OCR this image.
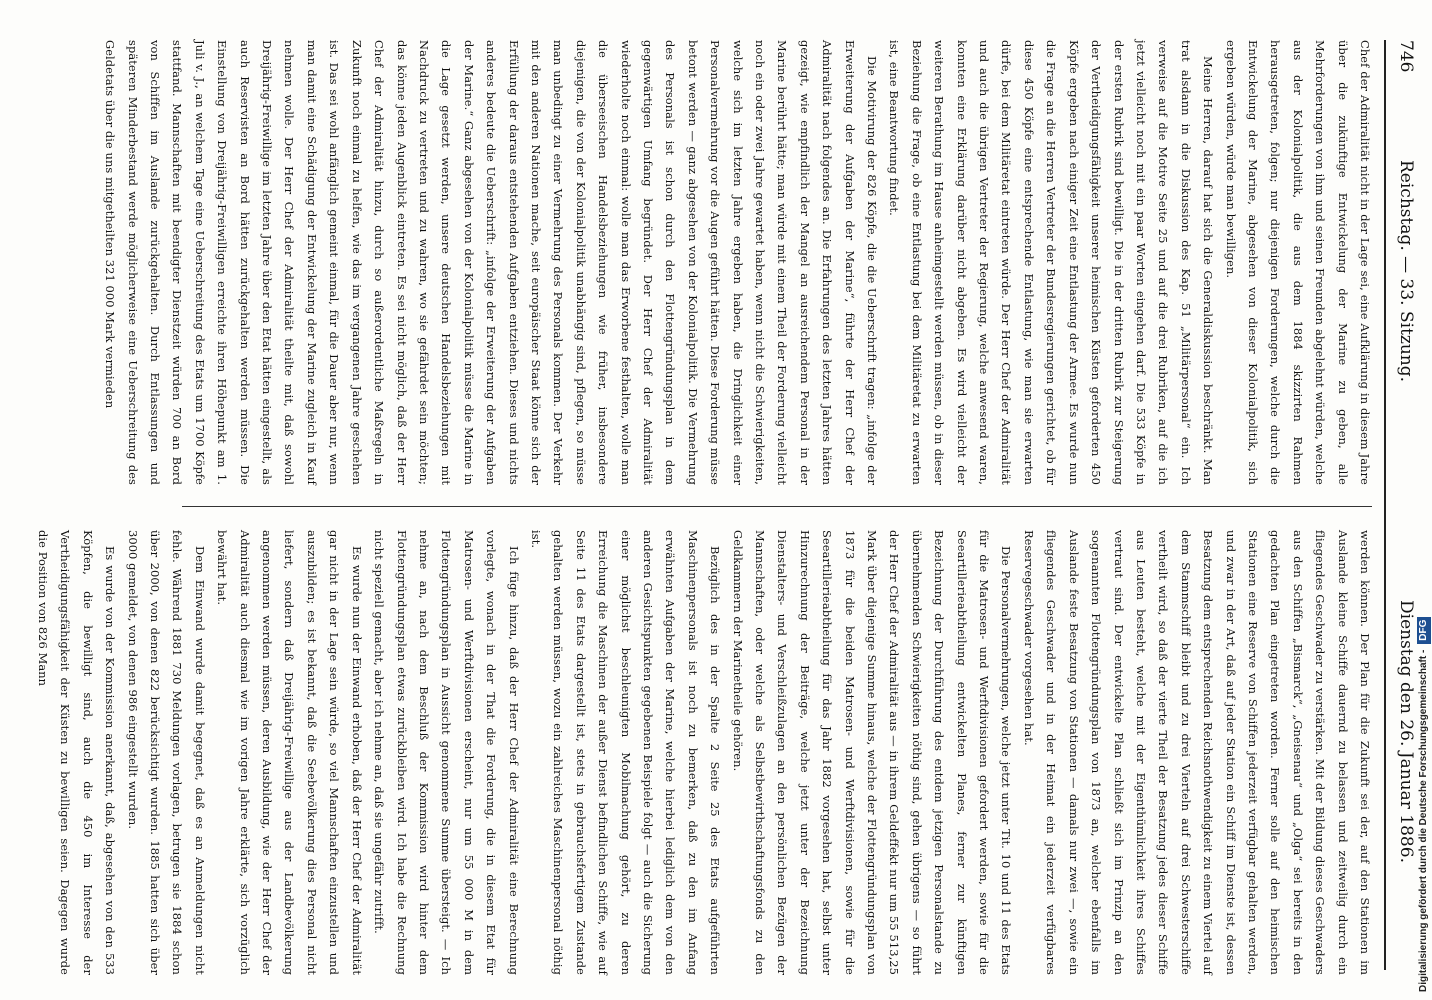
746
Reichstag. — 33. Sitzung.
Dienstag den 26. Januar 1886.

Chef der Admiralität nicht in der Lage sei, eine Aufklärung in diesem Jahre über die zukünftige Entwickelung der Marine zu geben, alle Mehrforderungen von ihm und seinen Freunden abgelehnt würden, welche aus der Kolonialpolitik, die aus dem 1884 skizzirten Rahmen herausgetreten, folgen; nur diejenigen Forderungen, welche durch die Entwickelung der Marine, abgesehen von dieser Kolonialpolitik, sich ergeben würden, würde man bewilligen.

Meine Herren, darauf hat sich die Generaldiskussion beschränkt. Man trat alsdann in die Diskussion des Kap. 51 „Militärpersonal“ ein. Ich verweise auf die Motive Seite 25 und auf die drei Rubriken, auf die ich jetzt vielleicht noch mit ein paar Worten eingehen darf. Die 533 Köpfe in der ersten Rubrik sind bewilligt. Die in der dritten Rubrik zur Steigerung der Vertheidigungsfähigkeit unserer heimischen Küsten geforderten 450 Köpfe ergeben nach einiger Zeit eine Entlastung der Armee. Es wurde nun die Frage an die Herren Vertreter der Bundesregierungen gerichtet, ob für diese 450 Köpfe eine entsprechende Entlastung, wie man sie erwarten dürfe, bei dem Militäretat eintreten würde. Der Herr Chef der Admiralität und auch die übrigen Vertreter der Regierung, welche anwesend waren, konnten eine Erklärung darüber nicht abgeben. Es wird vielleicht der weiteren Berathung im Hause anheimgestellt werden müssen, ob in dieser Beziehung die Frage, ob eine Entlastung bei dem Militäretat zu erwarten ist, eine Beantwortung findet.

Die Motivirung der 826 Köpfe, die die Ueberschrift tragen: „infolge der Erweiterung der Aufgaben der Marine“, führte der Herr Chef der Admiralität nach folgendes an. Die Erfahrungen des letzten Jahres hätten gezeigt, wie empfindlich der Mangel an ausreichendem Personal in der Marine berührt hätte; man würde mit einem Theil der Forderung vielleicht noch ein oder zwei Jahre gewartet haben, wenn nicht die Schwierigkeiten, welche sich im letzten Jahre ergeben haben, die Dringlichkeit einer Personalvermehrung vor die Augen geführt hätten. Diese Forderung müsse betont werden — ganz abgesehen von der Kolonialpolitik. Die Vermehrung des Personals ist schon durch den Flottengründungsplan in dem gegenwärtigen Umfang begründet. Der Herr Chef der Admiralität wiederholte noch einmal: wolle man das Erworbene festhalten, wolle man die überseeischen Handelsbeziehungen wie früher, insbesondere diejenigen, die von der Kolonialpolitik unabhängig sind, pflegen, so müsse man unbedingt zu einer Vermehrung des Personals kommen. Der Verkehr mit den anderen Nationen mache, seit europäischer Staat könne sich der Erfüllung der daraus entstehenden Aufgaben entziehen. Dieses und nichts anderes bedeute die Ueberschrift: „infolge der Erweiterung der Aufgaben der Marine.“ Ganz abgesehen von der Kolonialpolitik müsse die Marine in die Lage gesetzt werden, unsere deutschen Handelsbeziehungen mit Nachdruck zu vertreten und zu wahren, wo sie gefährdet sein möchten; das könne jeden Augenblick eintreten. Es sei nicht möglich, daß der Herr Chef der Admiralität hinzu, durch so außerordentliche Maßregeln in Zukunft noch einmal zu helfen, wie das im vergangenen Jahre geschehen ist. Das sei wohl anfänglich gemeint einmal, für die Dauer aber nur, wenn man damit eine Schädigung der Entwickelung der Marine zugleich in Kauf nehmen wolle. Der Herr Chef der Admiralität theilte mit, daß sowohl Dreijährig-Freiwillige im letzten Jahre über den Etat hätten eingestellt, als auch Reservisten an Bord hätten zurückgehalten werden müssen. Die Einstellung von Dreijährig-Freiwilligen erreichte ihren Höhepunkt am 1. Juli v. J., an welchem Tage eine Ueberschreitung des Etats um 1700 Köpfe stattfand. Mannschaften mit beendigter Dienstzeit würden 700 an Bord von Schiffen im Auslande zurückgehalten. Durch Entlassungen und späteren Minderbestand werde möglicherweise eine Ueberschreitung des Geldetats über die uns mitgetheilten 321 000 Mark vermieden

werden können. Der Plan für die Zukunft sei der, auf den Stationen im Auslande kleine Schiffe dauernd zu belassen und zeitweilig durch ein fliegendes Geschwader zu verstärken. Mit der Bildung dieses Geschwaders aus den Schiffen „Bismarck“, „Gneisenau“ und „Olga“ sei bereits in den gedachten Plan eingetreten worden. Ferner solle auf den heimischen Stationen eine Reserve von Schiffen jederzeit verfügbar gehalten werden, und zwar in der Art, daß auf jeder Station ein Schiff im Dienste ist, dessen Besatzung dem entsprechenden Reichsnothwendigkeit zu einem Viertel auf dem Stammschiff bleibt und zu drei Vierteln auf drei Schwesterschiffe vertheilt wird, so daß der vierte Theil der Besatzung jedes dieser Schiffe aus Leuten besteht, welche mit der Eigenthümlichkeit ihres Schiffes vertraut sind. Der entwickelte Plan schließt sich im Prinzip an den sogenannten Flottengründungsplan von 1873 an, welcher ebenfalls im Auslande feste Besatzung von Stationen — damals nur zwei —, sowie ein fliegendes Geschwader und in der Heimat ein jederzeit verfügbares Reservegeschwader vorgesehen hat.

Die Personalvermehrungen, welche jetzt unter Tit. 10 und 11 des Etats für die Matrosen- und Werftdivisionen gefordert werden, sowie für die Seeartillerieabtheilung entwickelten Planes, ferner zur künftigen Bezeichnung der Durchführung des entdem jetzigen Personalstande zu übernehmenden Schwierigkeiten nöthig sind, gehen übrigens — so führt der Herr Chef der Admiralität aus — in ihrem Geldeffekt nur um 55 513,25 Mark über diejenige Summe hinaus, welche der Flottengründungsplan von 1873 für die beiden Matrosen- und Werftdivisionen, sowie für die Seeartillerieabtheilung für das Jahr 1882 vorgesehen hat, selbst unter Hinzurechnung der Beiträge, welche jetzt unter der Bezeichnung Dienstalters- und Verschleißzulagen an den persönlichen Bezügen der Mannschaften, oder welche als Selbstbewirthschaftungsfonds zu den Geldkammern der Marinetheile gehören.

Bezüglich des in der Spalte 2 Seite 25 des Etats aufgeführten Maschinenpersonals ist noch zu bemerken, daß zu den im Anfang erwähnten Aufgaben der Marine, welche hierbei lediglich dem von den anderen Gesichtspunkten gegebenen Beispiele folgt — auch die Sicherung einer möglichst beschleunigten Mobilmachung gehört, zu deren Erreichung die Maschinen der außer Dienst befindlichen Schiffe, wie auf Seite 11 des Etats dargestellt ist, stets in gebrauchsfertigem Zustande gehalten werden müssen, wozu ein zahlreiches Maschinenpersonal nöthig ist.

Ich füge hinzu, daß der Herr Chef der Admiralität eine Berechnung vorlegte, wonach in der That die Forderung, die in diesem Etat für Matrosen- und Werftdivisionen erscheint, nur um 55 000 M in dem Flottengründungsplan in Aussicht genommene Summe übersteigt. — Ich nehme an, nach dem Beschluß der Kommission wird hinter dem Flottengründungsplan etwas zurückbleiben wird. Ich habe die Rechnung nicht speziell gemacht, aber ich nehme an, daß sie ungefähr zutrifft.

Es wurde nun der Einwand erhoben, daß der Herr Chef der Admiralität gar nicht in der Lage sein würde, so viel Mannschaften einzustellen und auszubilden; es ist bekannt, daß die Seebevölkerung dies Personal nicht liefert, sondern daß Dreijährig-Freiwillige aus der Landbevölkerung angenommen werden müssen, deren Ausbildung, wie der Herr Chef der Admiralität auch diesmal wie im vorigen Jahre erklärte, sich vorzüglich bewährt hat.

Dem Einwand wurde damit begegnet, daß es an Anmeldungen nicht fehle. Während 1881 730 Meldungen vorlagen, betrugen sie 1884 schon über 2000, von denen 822 berücksichtigt wurden. 1885 hatten sich über 3000 gemeldet, von denen 986 eingestellt wurden.

Es wurde von der Kommission anerkannt, daß, abgesehen von den 533 Köpfen, die bewilligt sind, auch die 450 im Interesse der Vertheidigungsfähigkeit der Küsten zu bewilligen seien. Dagegen wurde die Position von 826 Mann

Digitalisierung gefördert durch die Deutsche Forschungsgemeinschaft -DFG
